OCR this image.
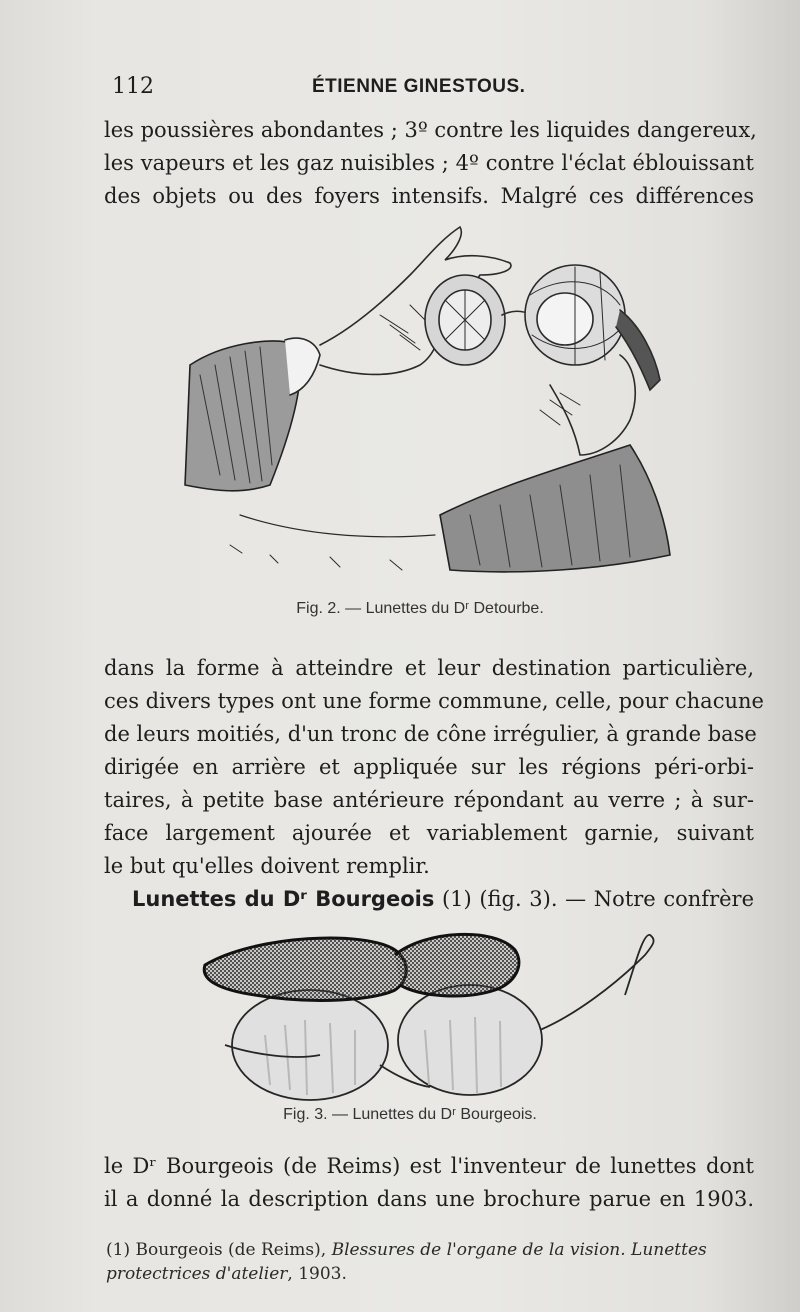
112	ÉTIENNE GINESTOUS.
les poussières abondantes ; 3º contre les liquides dangereux,
les vapeurs et les gaz nuisibles ; 4º contre l'éclat éblouissant
des objets ou des foyers intensifs. Malgré ces différences
Fig. 2. — Lunettes du Dʳ Detourbe.
dans la forme à atteindre et leur destination particulière,
ces divers types ont une forme commune, celle, pour chacune
de leurs moitiés, d'un tronc de cône irrégulier, à grande base
dirigée en arrière et appliquée sur les régions péri-orbi-
taires, à petite base antérieure répondant au verre ; à sur-
face largement ajourée et variablement garnie, suivant
le but qu'elles doivent remplir.
Lunettes du Dʳ Bourgeois (1) (fig. 3). — Notre confrère
Fig. 3. — Lunettes du Dʳ Bourgeois.
le Dʳ Bourgeois (de Reims) est l'inventeur de lunettes dont
il a donné la description dans une brochure parue en 1903.
(1) Bourgeois (de Reims), Blessures de l'organe de la vision. Lunettes
protectrices d'atelier, 1903.
